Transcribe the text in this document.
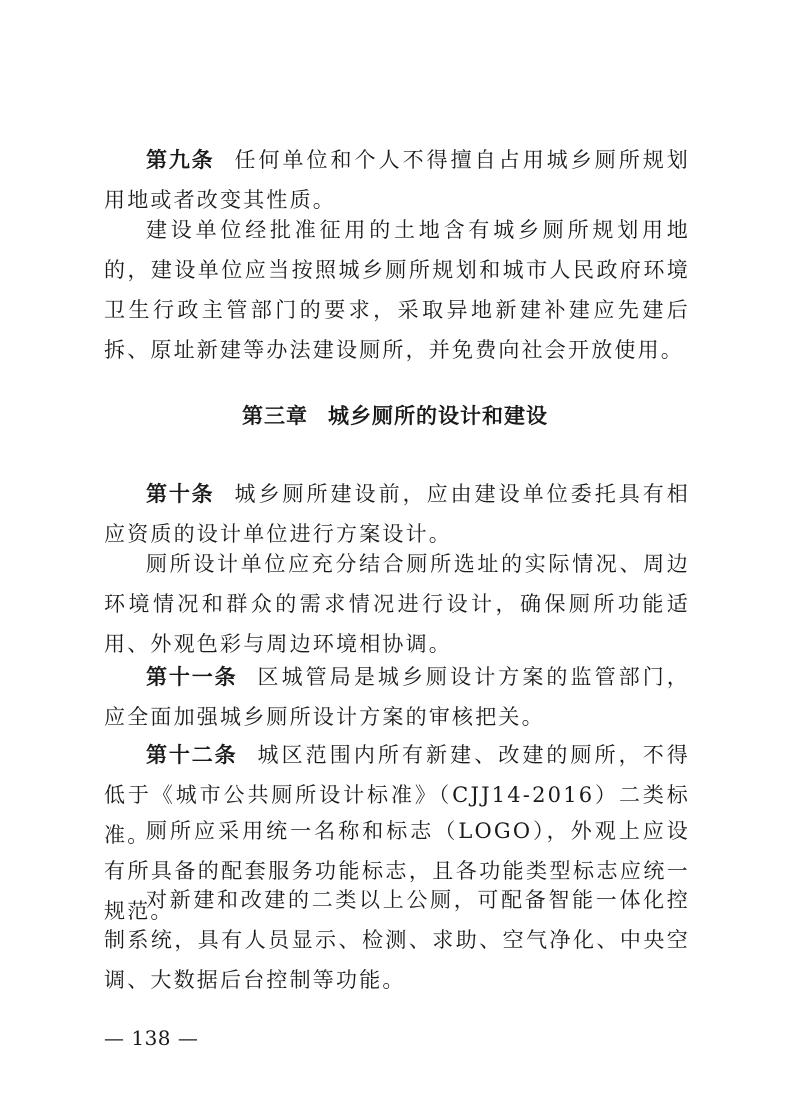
第九条 任何单位和个人不得擅自占用城乡厕所规划用地或者改变其性质。

建设单位经批准征用的土地含有城乡厕所规划用地的，建设单位应当按照城乡厕所规划和城市人民政府环境卫生行政主管部门的要求，采取异地新建补建应先建后拆、原址新建等办法建设厕所，并免费向社会开放使用。

第三章 城乡厕所的设计和建设

第十条 城乡厕所建设前，应由建设单位委托具有相应资质的设计单位进行方案设计。

厕所设计单位应充分结合厕所选址的实际情况、周边环境情况和群众的需求情况进行设计，确保厕所功能适用、外观色彩与周边环境相协调。

第十一条 区城管局是城乡厕设计方案的监管部门，应全面加强城乡厕所设计方案的审核把关。

第十二条 城区范围内所有新建、改建的厕所，不得低于《城市公共厕所设计标准》（CJJ14-2016）二类标准。

厕所应采用统一名称和标志（LOGO），外观上应设有所具备的配套服务功能标志，且各功能类型标志应统一规范。

对新建和改建的二类以上公厕，可配备智能一体化控制系统，具有人员显示、检测、求助、空气净化、中央空调、大数据后台控制等功能。

— 138 —
